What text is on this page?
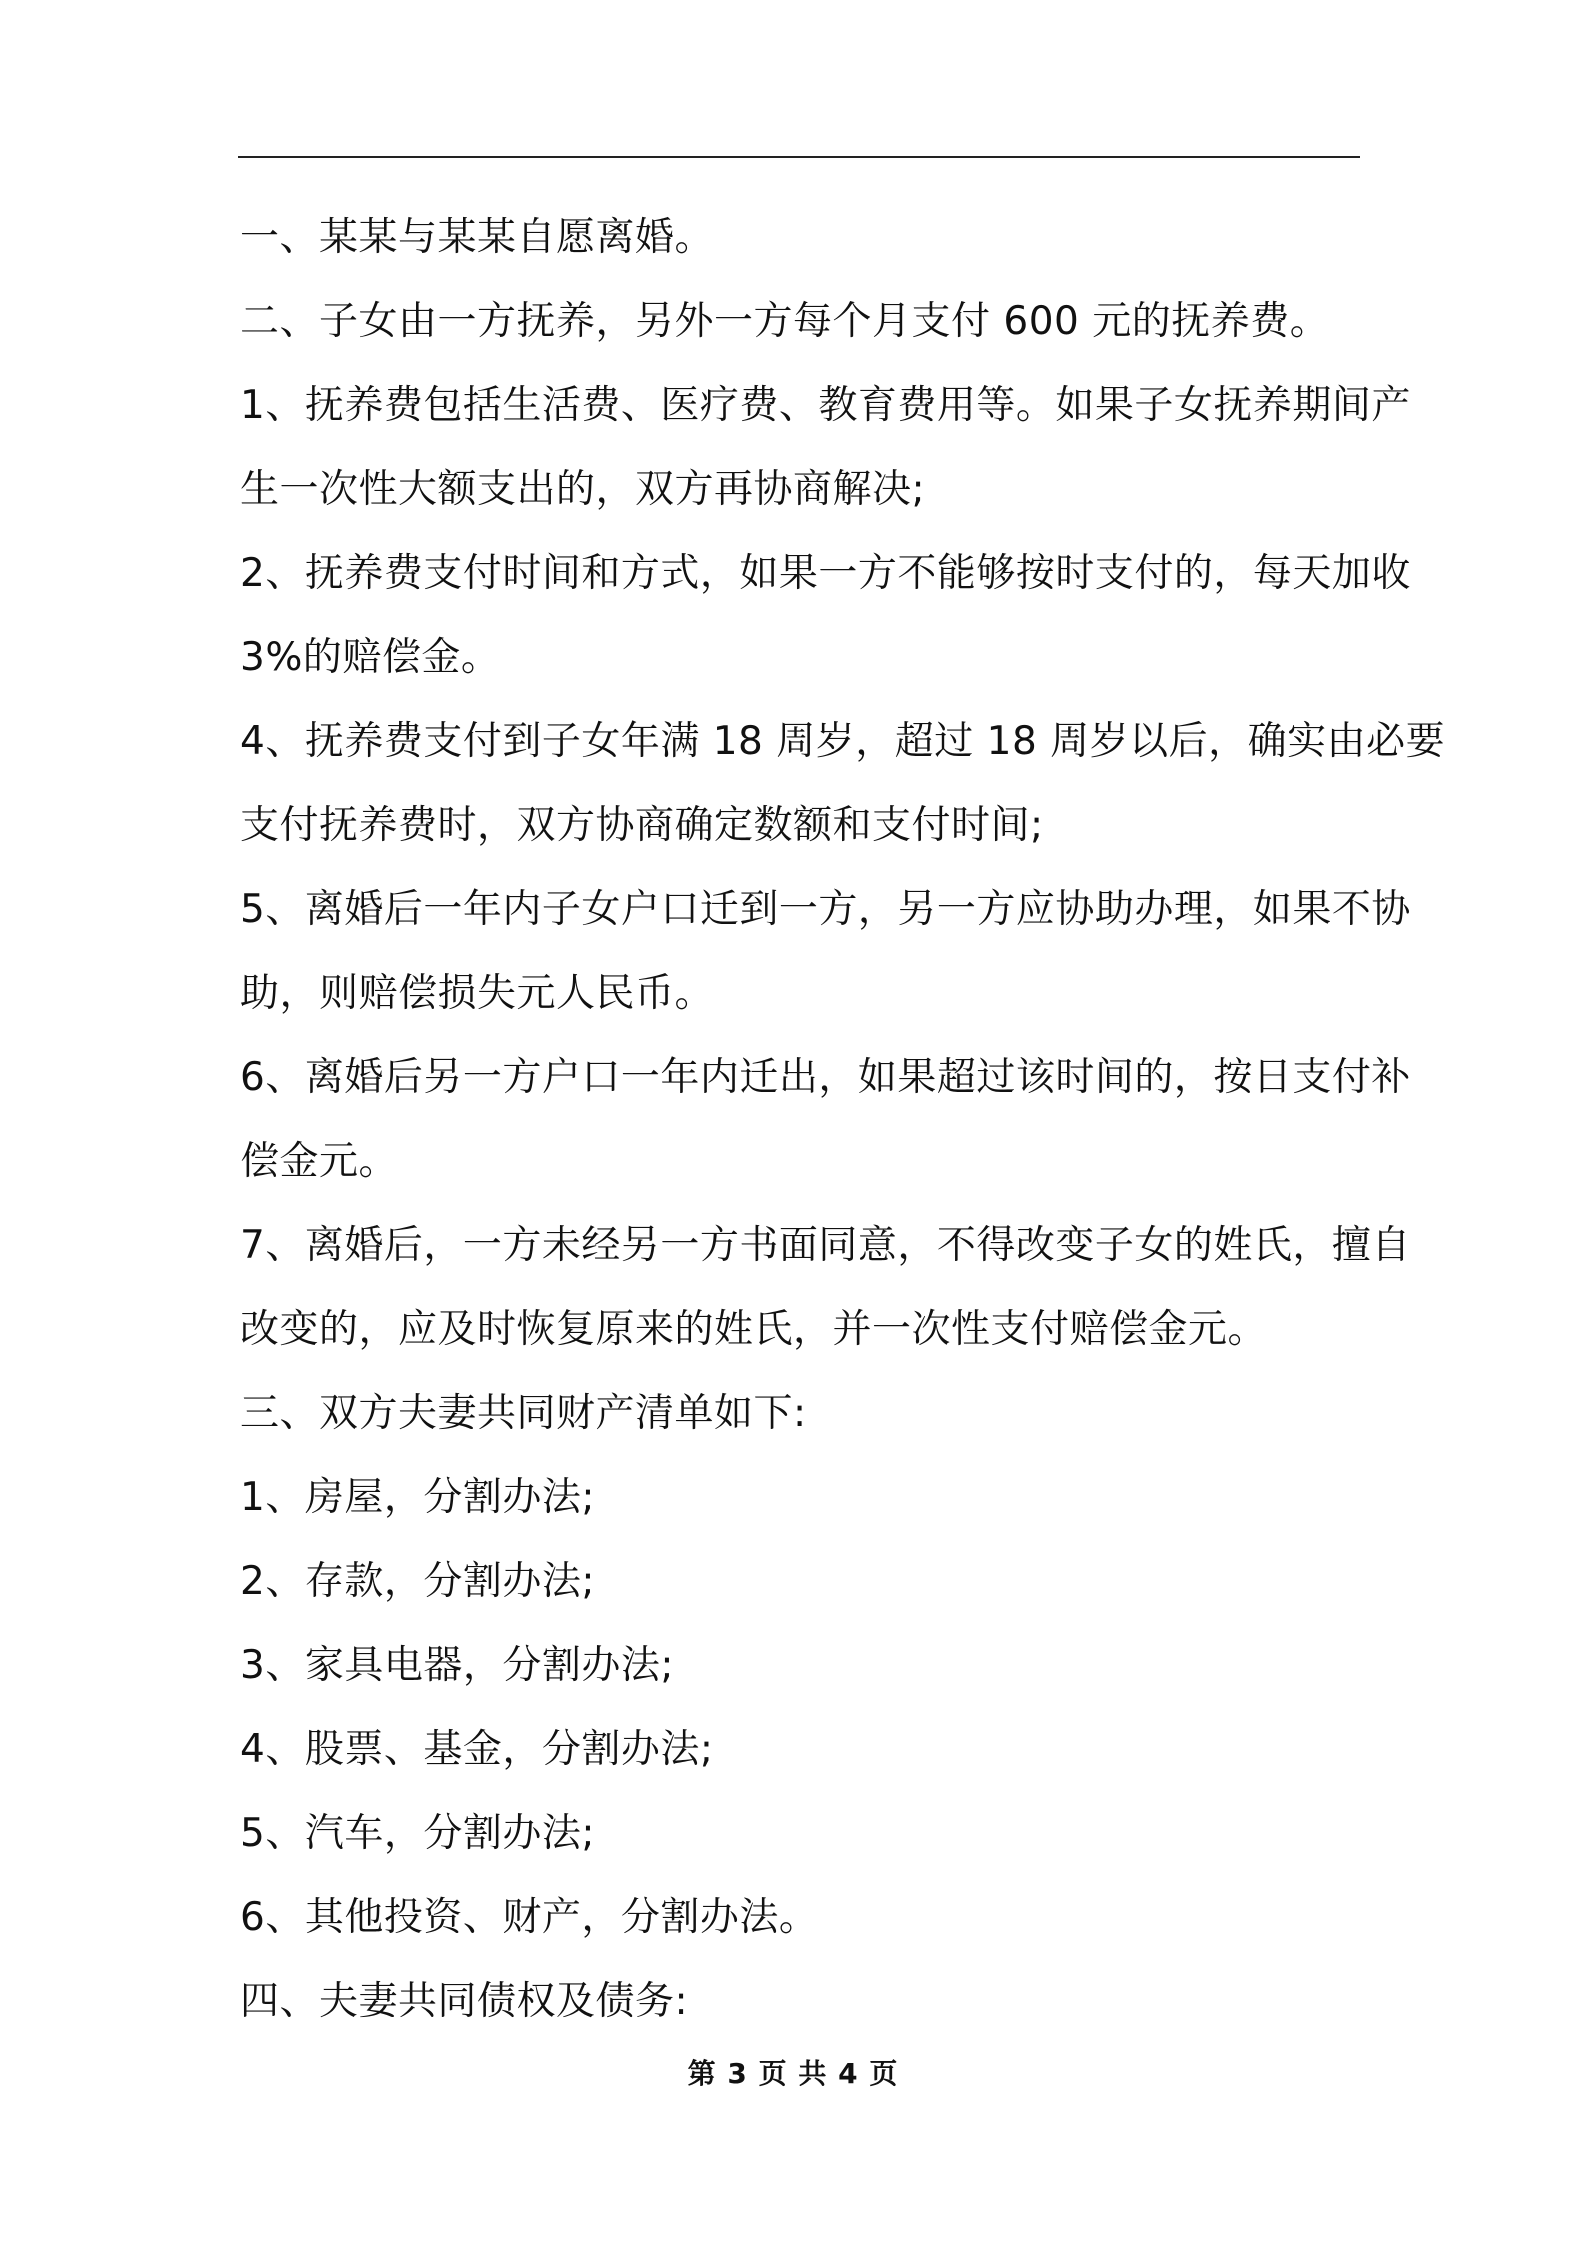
一、某某与某某自愿离婚。

二、子女由一方抚养，另外一方每个月支付 600 元的抚养费。

1、抚养费包括生活费、医疗费、教育费用等。如果子女抚养期间产

生一次性大额支出的，双方再协商解决;

2、抚养费支付时间和方式，如果一方不能够按时支付的，每天加收

3%的赔偿金。

4、抚养费支付到子女年满 18 周岁，超过 18 周岁以后，确实由必要

支付抚养费时，双方协商确定数额和支付时间;

5、离婚后一年内子女户口迁到一方，另一方应协助办理，如果不协

助，则赔偿损失元人民币。

6、离婚后另一方户口一年内迁出，如果超过该时间的，按日支付补

偿金元。

7、离婚后，一方未经另一方书面同意，不得改变子女的姓氏，擅自

改变的，应及时恢复原来的姓氏，并一次性支付赔偿金元。

三、双方夫妻共同财产清单如下:

1、房屋，分割办法;

2、存款，分割办法;

3、家具电器，分割办法;

4、股票、基金，分割办法;

5、汽车，分割办法;

6、其他投资、财产，分割办法。

四、夫妻共同债权及债务:

第 3 页 共 4 页
